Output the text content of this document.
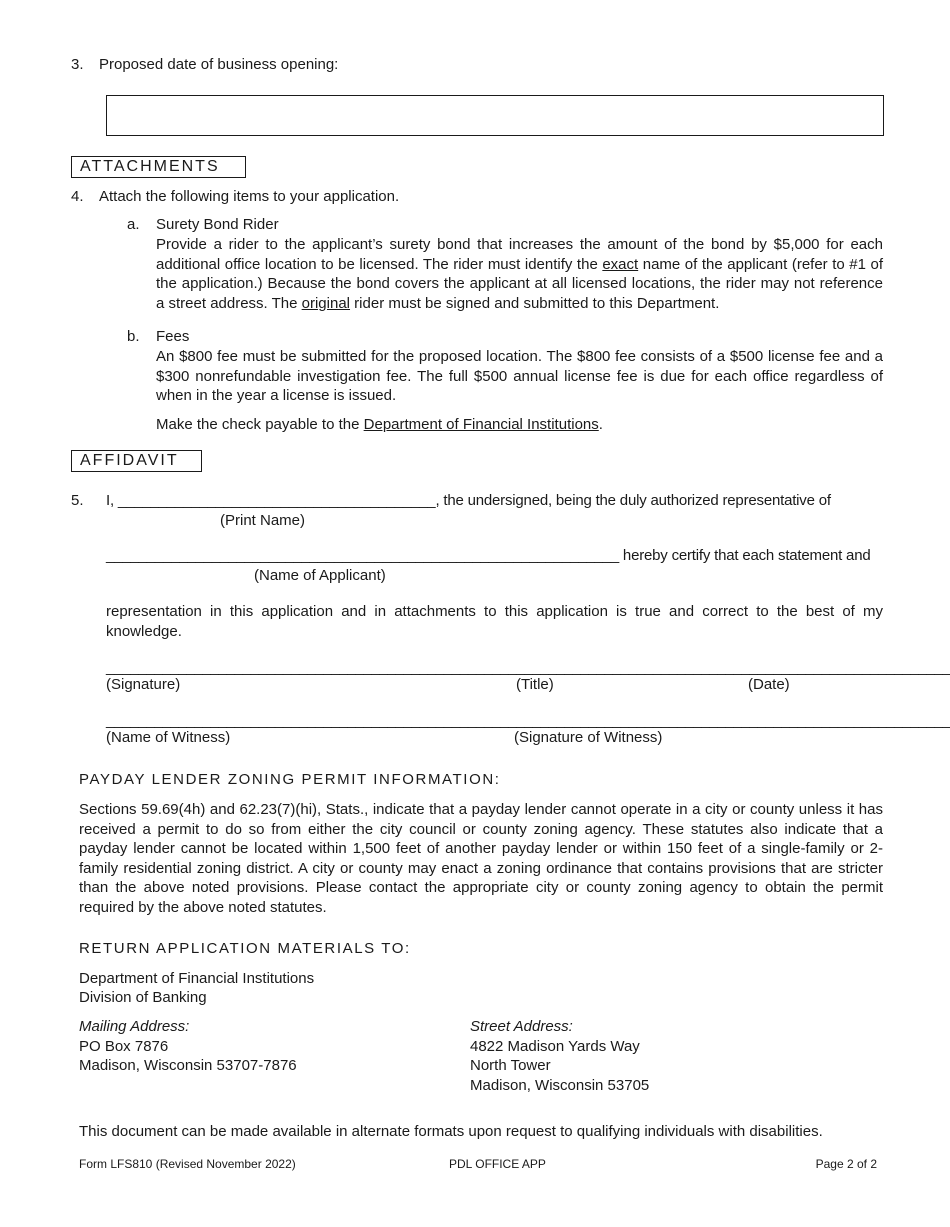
3. Proposed date of business opening:
ATTACHMENTS
4. Attach the following items to your application.
a. Surety Bond Rider
Provide a rider to the applicant’s surety bond that increases the amount of the bond by $5,000 for each additional office location to be licensed. The rider must identify the exact name of the applicant (refer to #1 of the application.) Because the bond covers the applicant at all licensed locations, the rider may not reference a street address. The original rider must be signed and submitted to this Department.
b. Fees
An $800 fee must be submitted for the proposed location. The $800 fee consists of a $500 license fee and a $300 nonrefundable investigation fee. The full $500 annual license fee is due for each office regardless of when in the year a license is issued.
Make the check payable to the Department of Financial Institutions.
AFFIDAVIT
5. I, _______________________________________, the undersigned, being the duly authorized representative of
(Print Name)
_______________________________________________________________ hereby certify that each statement and
(Name of Applicant)
representation in this application and in attachments to this application is true and correct to the best of my knowledge.
_________________________________________________________________________________________________________
(Signature)	(Title)	(Date)
_________________________________________________________________________________________________________
(Name of Witness)	(Signature of Witness)
PAYDAY LENDER ZONING PERMIT INFORMATION:
Sections 59.69(4h) and 62.23(7)(hi), Stats., indicate that a payday lender cannot operate in a city or county unless it has received a permit to do so from either the city council or county zoning agency. These statutes also indicate that a payday lender cannot be located within 1,500 feet of another payday lender or within 150 feet of a single-family or 2-family residential zoning district. A city or county may enact a zoning ordinance that contains provisions that are stricter than the above noted provisions. Please contact the appropriate city or county zoning agency to obtain the permit required by the above noted statutes.
RETURN APPLICATION MATERIALS TO:
Department of Financial Institutions
Division of Banking
Mailing Address:
PO Box 7876
Madison, Wisconsin 53707-7876
Street Address:
4822 Madison Yards Way
North Tower
Madison, Wisconsin 53705
This document can be made available in alternate formats upon request to qualifying individuals with disabilities.
Form LFS810 (Revised November 2022)	PDL OFFICE APP	Page 2 of 2
